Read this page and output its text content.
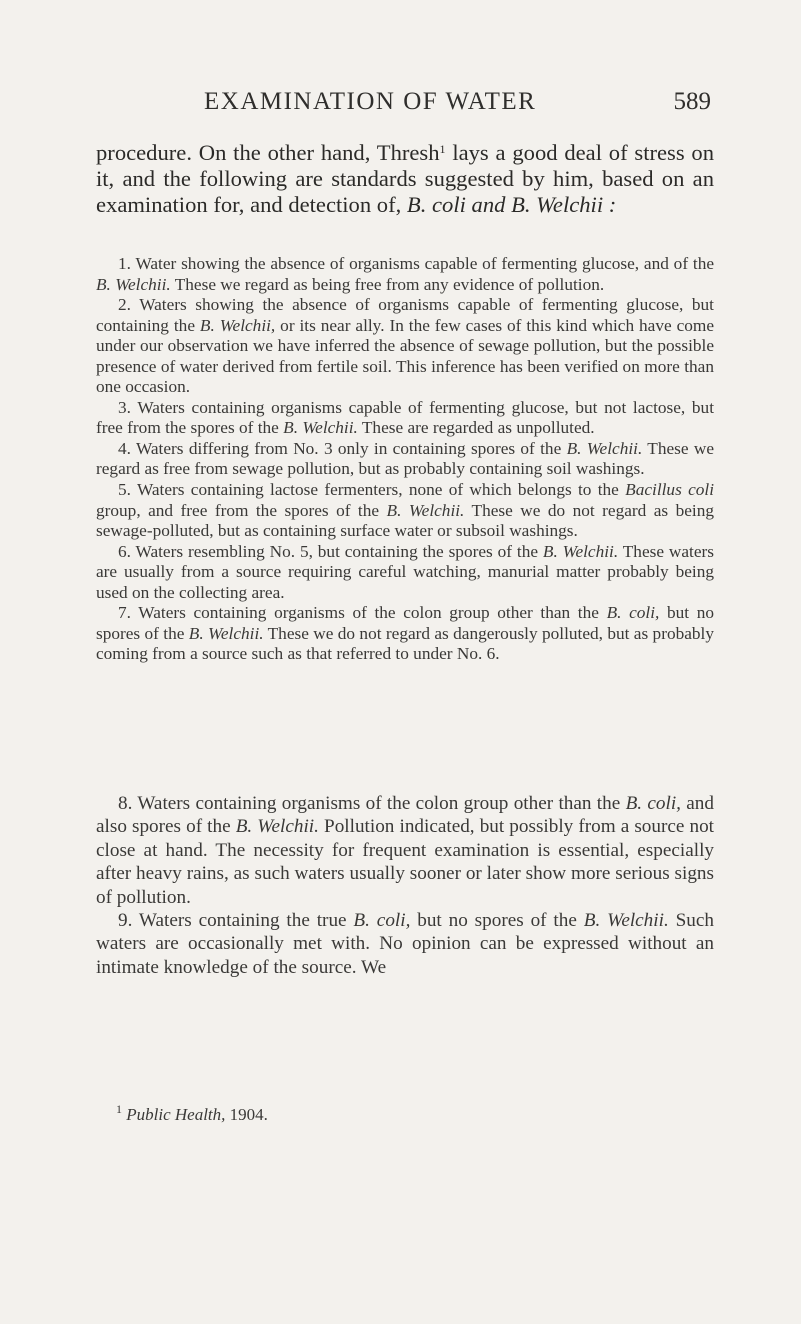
EXAMINATION OF WATER	589

procedure. On the other hand, Thresh$^1$ lays a good deal of stress on it, and the following are standards suggested by him, based on an examination for, and detection of, B. coli and B. Welchii :

1. Water showing the absence of organisms capable of fermenting glucose, and of the B. Welchii. These we regard as being free from any evidence of pollution.

2. Waters showing the absence of organisms capable of fermenting glucose, but containing the B. Welchii, or its near ally. In the few cases of this kind which have come under our observation we have inferred the absence of sewage pollution, but the possible presence of water derived from fertile soil. This inference has been verified on more than one occasion.

3. Waters containing organisms capable of fermenting glucose, but not lactose, but free from the spores of the B. Welchii. These are regarded as unpolluted.

4. Waters differing from No. 3 only in containing spores of the B. Welchii. These we regard as free from sewage pollution, but as probably containing soil washings.

5. Waters containing lactose fermenters, none of which belongs to the Bacillus coli group, and free from the spores of the B. Welchii. These we do not regard as being sewage-polluted, but as containing surface water or subsoil washings.

6. Waters resembling No. 5, but containing the spores of the B. Welchii. These waters are usually from a source requiring careful watching, manurial matter probably being used on the collecting area.

7. Waters containing organisms of the colon group other than the B. coli, but no spores of the B. Welchii. These we do not regard as dangerously polluted, but as probably coming from a source such as that referred to under No. 6.

8. Waters containing organisms of the colon group other than the B. coli, and also spores of the B. Welchii. Pollution indicated, but possibly from a source not close at hand. The necessity for frequent examination is essential, especially after heavy rains, as such waters usually sooner or later show more serious signs of pollution.

9. Waters containing the true B. coli, but no spores of the B. Welchii. Such waters are occasionally met with. No opinion can be expressed without an intimate knowledge of the source. We

$^1$ Public Health, 1904.
